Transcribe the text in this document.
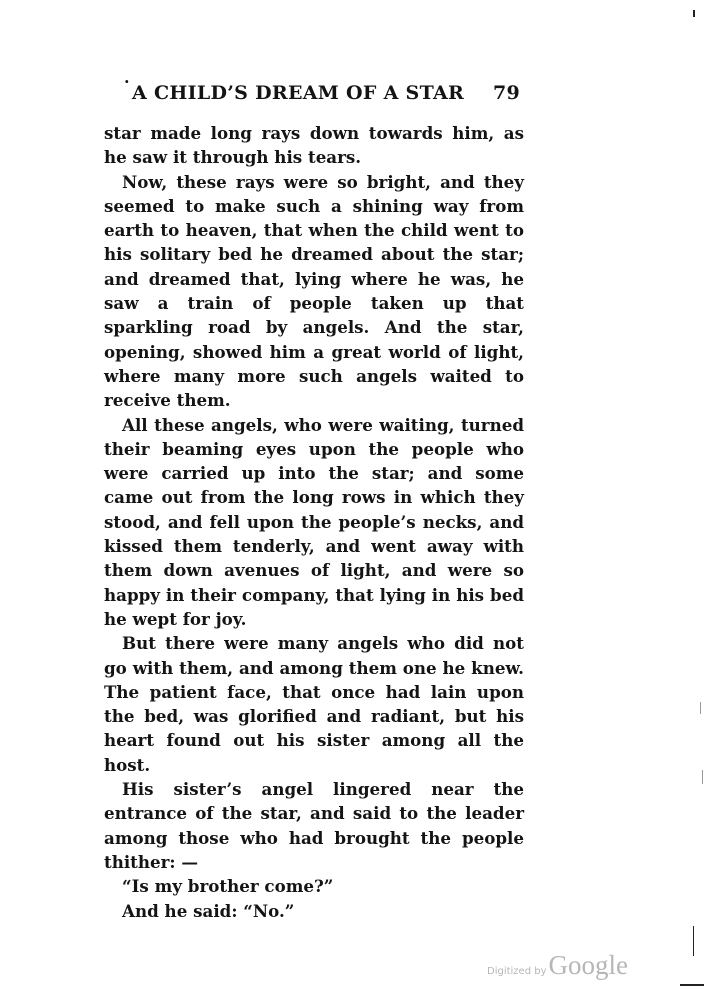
·
A CHILD’S DREAM OF A STAR 79

star made long rays down towards him, as he saw it through his tears.

Now, these rays were so bright, and they seemed to make such a shining way from earth to heaven, that when the child went to his solitary bed he dreamed about the star; and dreamed that, lying where he was, he saw a train of people taken up that sparkling road by angels. And the star, opening, showed him a great world of light, where many more such angels waited to receive them.

All these angels, who were waiting, turned their beaming eyes upon the people who were carried up into the star; and some came out from the long rows in which they stood, and fell upon the people’s necks, and kissed them tenderly, and went away with them down avenues of light, and were so happy in their company, that lying in his bed he wept for joy.

But there were many angels who did not go with them, and among them one he knew. The patient face, that once had lain upon the bed, was glorified and radiant, but his heart found out his sister among all the host.

His sister’s angel lingered near the entrance of the star, and said to the leader among those who had brought the people thither: —

“Is my brother come?”

And he said: “No.”

Digitized by Google
